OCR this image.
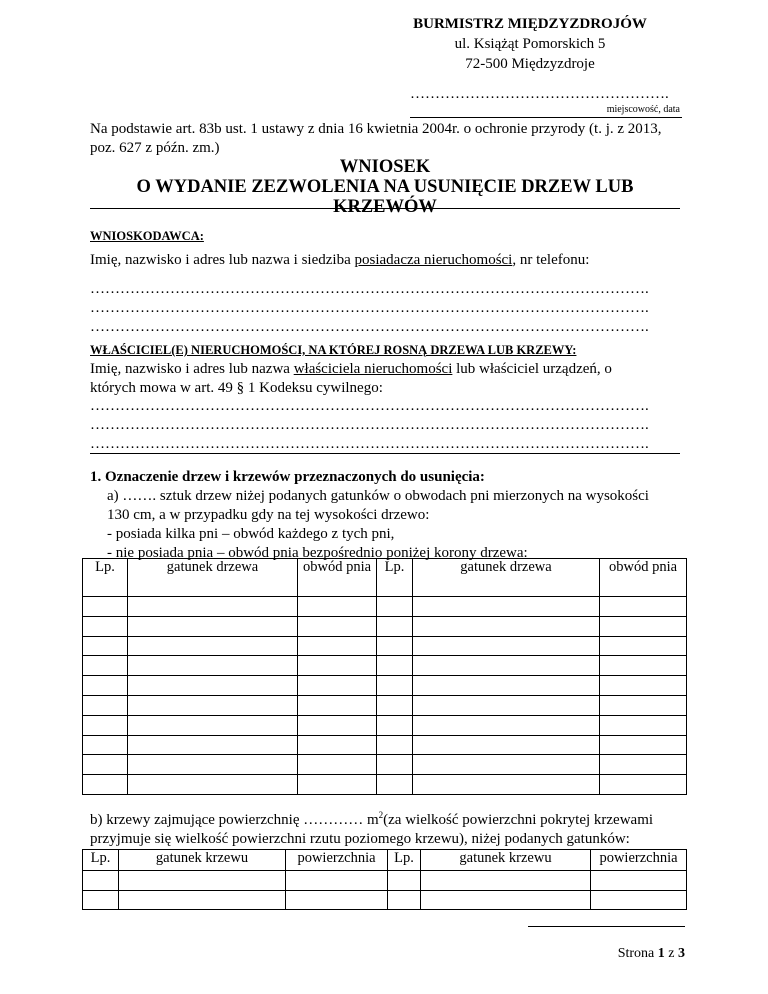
BURMISTRZ MIĘDZYZDROJÓW
ul. Książąt Pomorskich 5
72-500 Międzyzdroje
…………………………………………….
miejscowość, data
Na podstawie art. 83b ust. 1 ustawy z dnia 16 kwietnia 2004r. o ochronie przyrody (t. j. z 2013, poz. 627 z późn. zm.)
WNIOSEK
O WYDANIE ZEZWOLENIA NA USUNIĘCIE DRZEW LUB
KRZEWÓW
WNIOSKODAWCA:
Imię, nazwisko i adres lub nazwa i siedziba posiadacza nieruchomości, nr telefonu:
………………………………………………………………………………………………….
………………………………………………………………………………………………….
………………………………………………………………………………………………….
WŁAŚCICIEL(E) NIERUCHOMOŚCI, NA KTÓREJ ROSNĄ DRZEWA LUB KRZEWY:
Imię, nazwisko i adres lub nazwa właściciela nieruchomości lub właściciel urządzeń, o
których mowa w art. 49 § 1 Kodeksu cywilnego:
………………………………………………………………………………………………….
………………………………………………………………………………………………….
………………………………………………………………………………………………….
1. Oznaczenie drzew i krzewów przeznaczonych do usunięcia:
a) ……. sztuk drzew niżej podanych gatunków o obwodach pni mierzonych na wysokości
130 cm, a w przypadku gdy na tej wysokości drzewo:
- posiada kilka pni – obwód każdego z tych pni,
- nie posiada pnia – obwód pnia bezpośrednio poniżej korony drzewa:
Lp.	gatunek drzewa	obwód pnia	Lp.	gatunek drzewa	obwód pnia

b) krzewy zajmujące powierzchnię ………… $m^2(za$ wielkość powierzchni pokrytej krzewami
przyjmuje się wielkość powierzchni rzutu poziomego krzewu), niżej podanych gatunków:
Lp.	gatunek krzewu	powierzchnia	Lp.	gatunek krzewu	powierzchnia

Strona 1 z 3
